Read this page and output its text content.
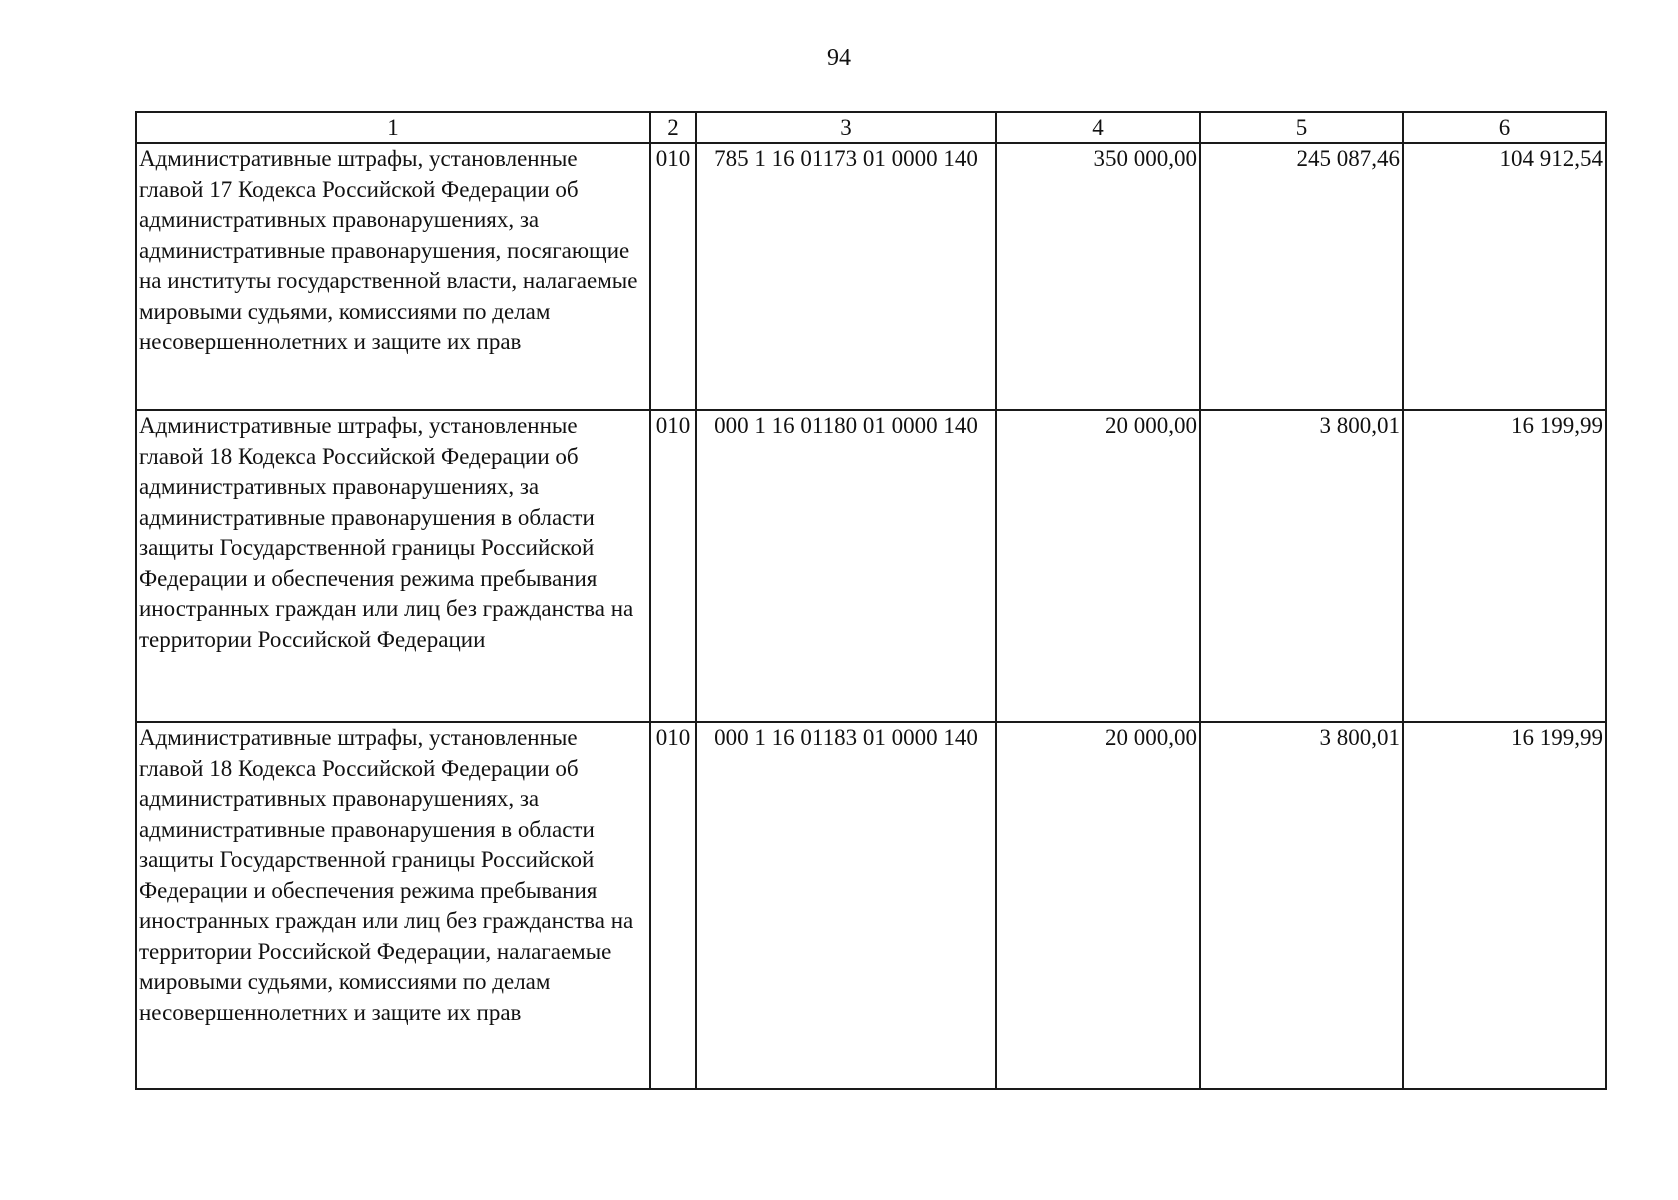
94
1	2	3	4	5	6
Административные штрафы, установленные главой 17 Кодекса Российской Федерации об административных правонарушениях, за административные правонарушения, посягающие на институты государственной власти, налагаемые мировыми судьями, комиссиями по делам несовершеннолетних и защите их прав	010	785 1 16 01173 01 0000 140	350 000,00	245 087,46	104 912,54
Административные штрафы, установленные главой 18 Кодекса Российской Федерации об административных правонарушениях, за административные правонарушения в области защиты Государственной границы Российской Федерации и обеспечения режима пребывания иностранных граждан или лиц без гражданства на территории Российской Федерации	010	000 1 16 01180 01 0000 140	20 000,00	3 800,01	16 199,99
Административные штрафы, установленные главой 18 Кодекса Российской Федерации об административных правонарушениях, за административные правонарушения в области защиты Государственной границы Российской Федерации и обеспечения режима пребывания иностранных граждан или лиц без гражданства на территории Российской Федерации, налагаемые мировыми судьями, комиссиями по делам несовершеннолетних и защите их прав	010	000 1 16 01183 01 0000 140	20 000,00	3 800,01	16 199,99
